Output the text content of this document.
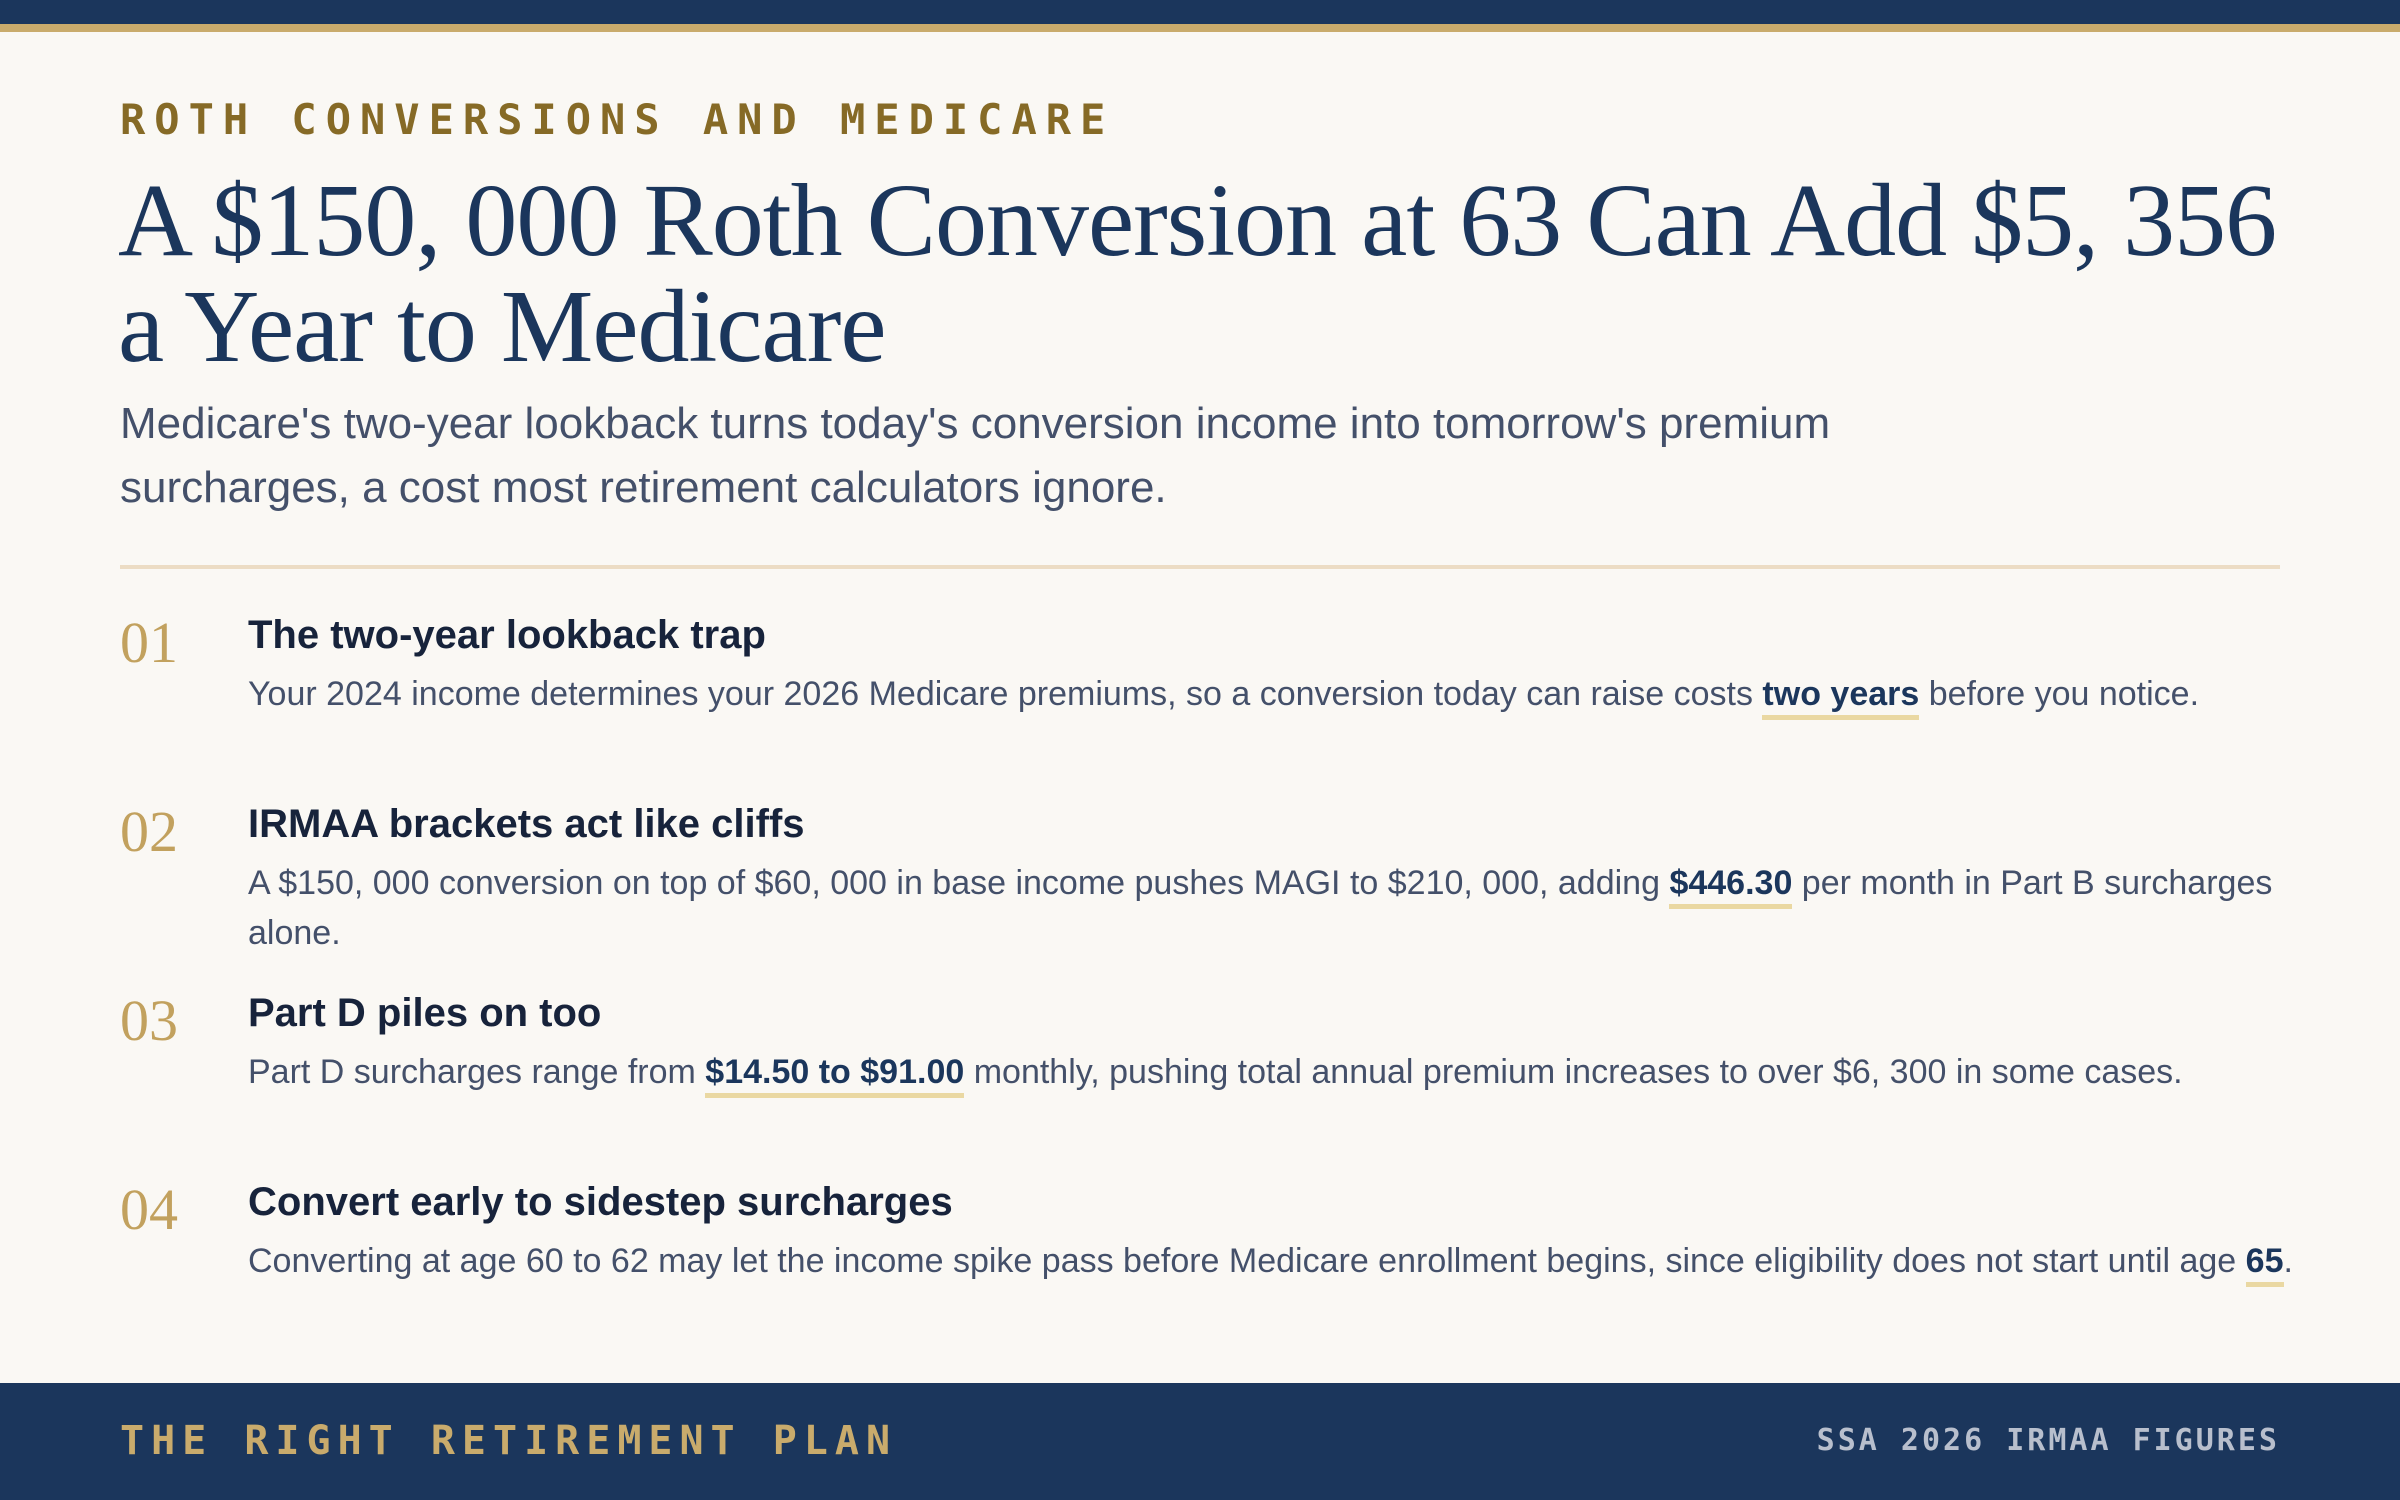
ROTH CONVERSIONS AND MEDICARE
A $150, 000 Roth Conversion at 63 Can Add $5, 356 a Year to Medicare

Medicare's two-year lookback turns today's conversion income into tomorrow's premium surcharges, a cost most retirement calculators ignore.

01 The two-year lookback trap

Your 2024 income determines your 2026 Medicare premiums, so a conversion today can raise costs two years before you notice.

02 IRMAA brackets act like cliffs

A $150, 000 conversion on top of $60, 000 in base income pushes MAGI to $210, 000, adding $446.30 per month in Part B surcharges alone.

03 Part D piles on too

Part D surcharges range from $14.50 to $91.00 monthly, pushing total annual premium increases to over $6, 300 in some cases.

04 Convert early to sidestep surcharges

Converting at age 60 to 62 may let the income spike pass before Medicare enrollment begins, since eligibility does not start until age 65.

THE RIGHT RETIREMENT PLAN	SSA 2026 IRMAA FIGURES
